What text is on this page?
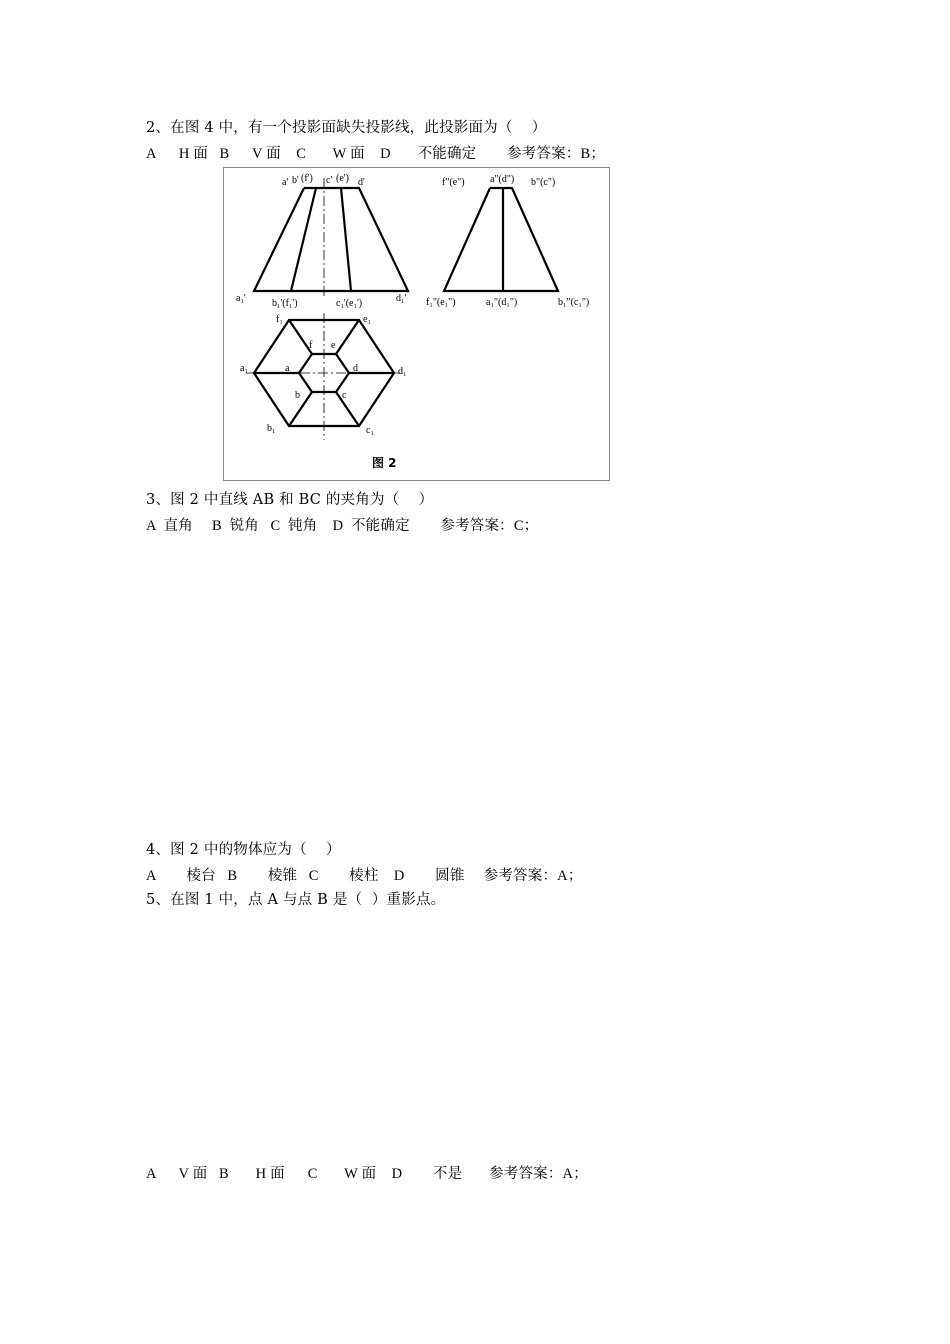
2、在图 4 中，有一个投影面缺失投影线，此投影面为（    ）
A      H 面   B      V 面    C       W 面    D       不能确定        参考答案：B；
a' b' (f') c' (e') d'
a₁'	b₁'(f₁')	c₁'(e₁')	d₁'
f"(e")	a"(d") b"(c")
f₁"(e₁")	a₁"(d₁")	b₁"(c₁")
f₁	e₁
f e
a₁	a	d	d₁
b	c
b₁	c₁
图 2
3、图 2 中直线 AB 和 BC 的夹角为（    ）
A  直角     B  锐角   C  钝角    D  不能确定        参考答案：C；
4、图 2 中的物体应为（    ）
A        棱台   B        棱锥   C        棱柱    D        圆锥     参考答案：A；
5、在图 1 中，点 A 与点 B 是（  ）重影点。
A      V 面   B       H 面      C       W 面    D        不是       参考答案：A；
